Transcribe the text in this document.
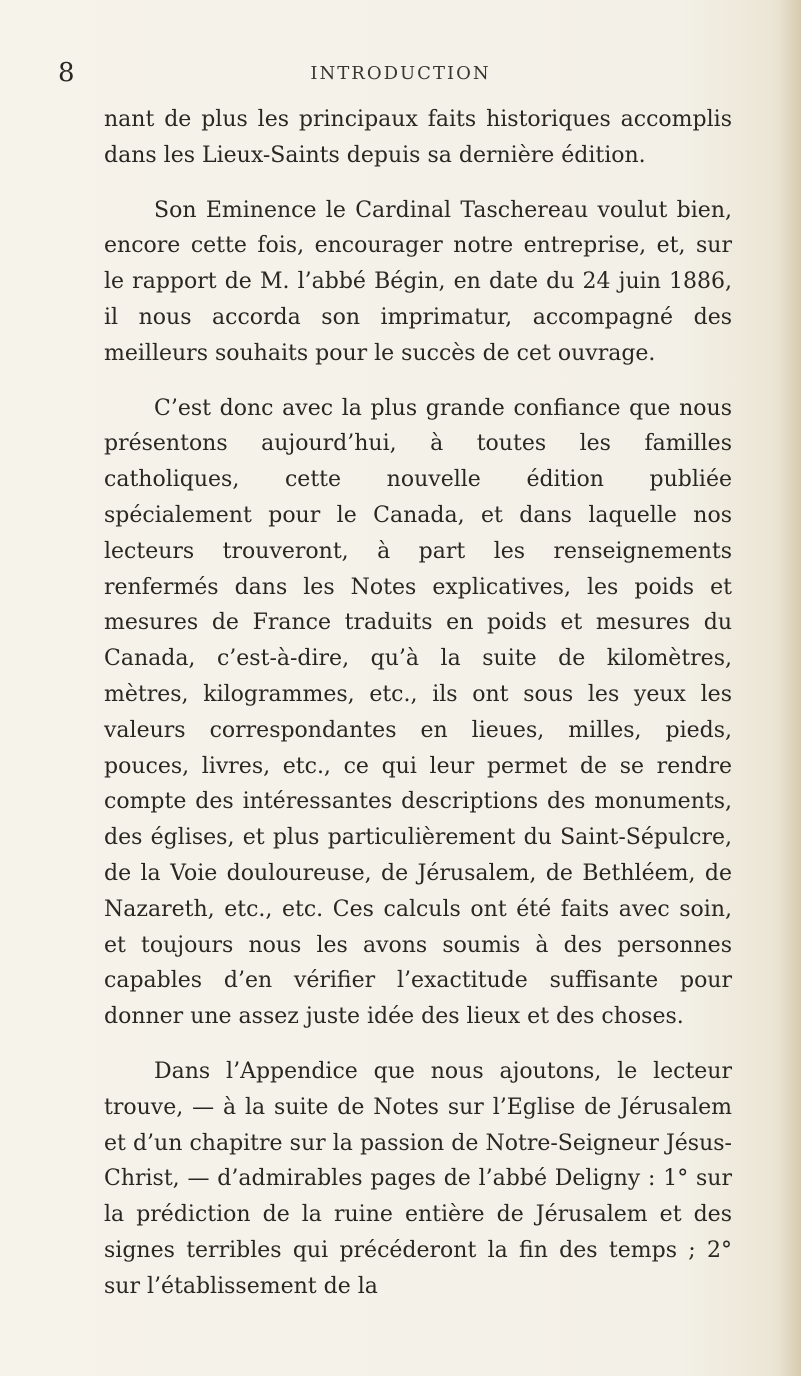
8	INTRODUCTION

nant de plus les principaux faits historiques accomplis dans les Lieux-Saints depuis sa dernière édition.

Son Eminence le Cardinal Taschereau voulut bien, encore cette fois, encourager notre entreprise, et, sur le rapport de M. l’abbé Bégin, en date du 24 juin 1886, il nous accorda son imprimatur, accompagné des meilleurs souhaits pour le succès de cet ouvrage.

C’est donc avec la plus grande confiance que nous présentons aujourd’hui, à toutes les familles catholiques, cette nouvelle édition publiée spécialement pour le Canada, et dans laquelle nos lecteurs trouveront, à part les renseignements renfermés dans les Notes explicatives, les poids et mesures de France traduits en poids et mesures du Canada, c’est-à-dire, qu’à la suite de kilomètres, mètres, kilogrammes, etc., ils ont sous les yeux les valeurs correspondantes en lieues, milles, pieds, pouces, livres, etc., ce qui leur permet de se rendre compte des intéressantes descriptions des monuments, des églises, et plus particulièrement du Saint-Sépulcre, de la Voie douloureuse, de Jérusalem, de Bethléem, de Nazareth, etc., etc. Ces calculs ont été faits avec soin, et toujours nous les avons soumis à des personnes capables d’en vérifier l’exactitude suffisante pour donner une assez juste idée des lieux et des choses.

Dans l’Appendice que nous ajoutons, le lecteur trouve, — à la suite de Notes sur l’Eglise de Jérusalem et d’un chapitre sur la passion de Notre-Seigneur Jésus-Christ, — d’admirables pages de l’abbé Deligny : 1° sur la prédiction de la ruine entière de Jérusalem et des signes terribles qui précéderont la fin des temps ; 2° sur l’établissement de la
